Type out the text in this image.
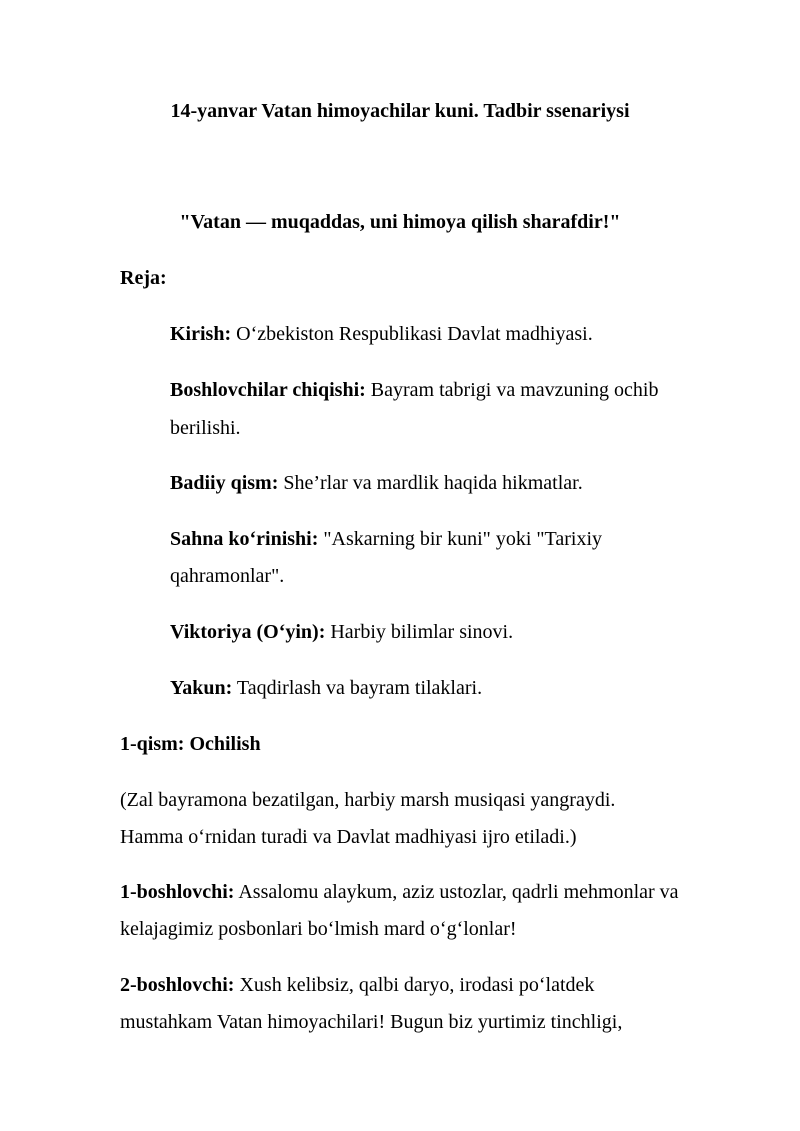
14-yanvar Vatan himoyachilar kuni. Tadbir ssenariysi
"Vatan — muqaddas, uni himoya qilish sharafdir!"
Reja:
Kirish: O‘zbekiston Respublikasi Davlat madhiyasi.
Boshlovchilar chiqishi: Bayram tabrigi va mavzuning ochib
berilishi.
Badiiy qism: She’rlar va mardlik haqida hikmatlar.
Sahna ko‘rinishi: "Askarning bir kuni" yoki "Tarixiy
qahramonlar".
Viktoriya (O‘yin): Harbiy bilimlar sinovi.
Yakun: Taqdirlash va bayram tilaklari.
1-qism: Ochilish
(Zal bayramona bezatilgan, harbiy marsh musiqasi yangraydi.
Hamma o‘rnidan turadi va Davlat madhiyasi ijro etiladi.)
1-boshlovchi: Assalomu alaykum, aziz ustozlar, qadrli mehmonlar va
kelajagimiz posbonlari bo‘lmish mard o‘g‘lonlar!
2-boshlovchi: Xush kelibsiz, qalbi daryo, irodasi po‘latdek
mustahkam Vatan himoyachilari! Bugun biz yurtimiz tinchligi,
